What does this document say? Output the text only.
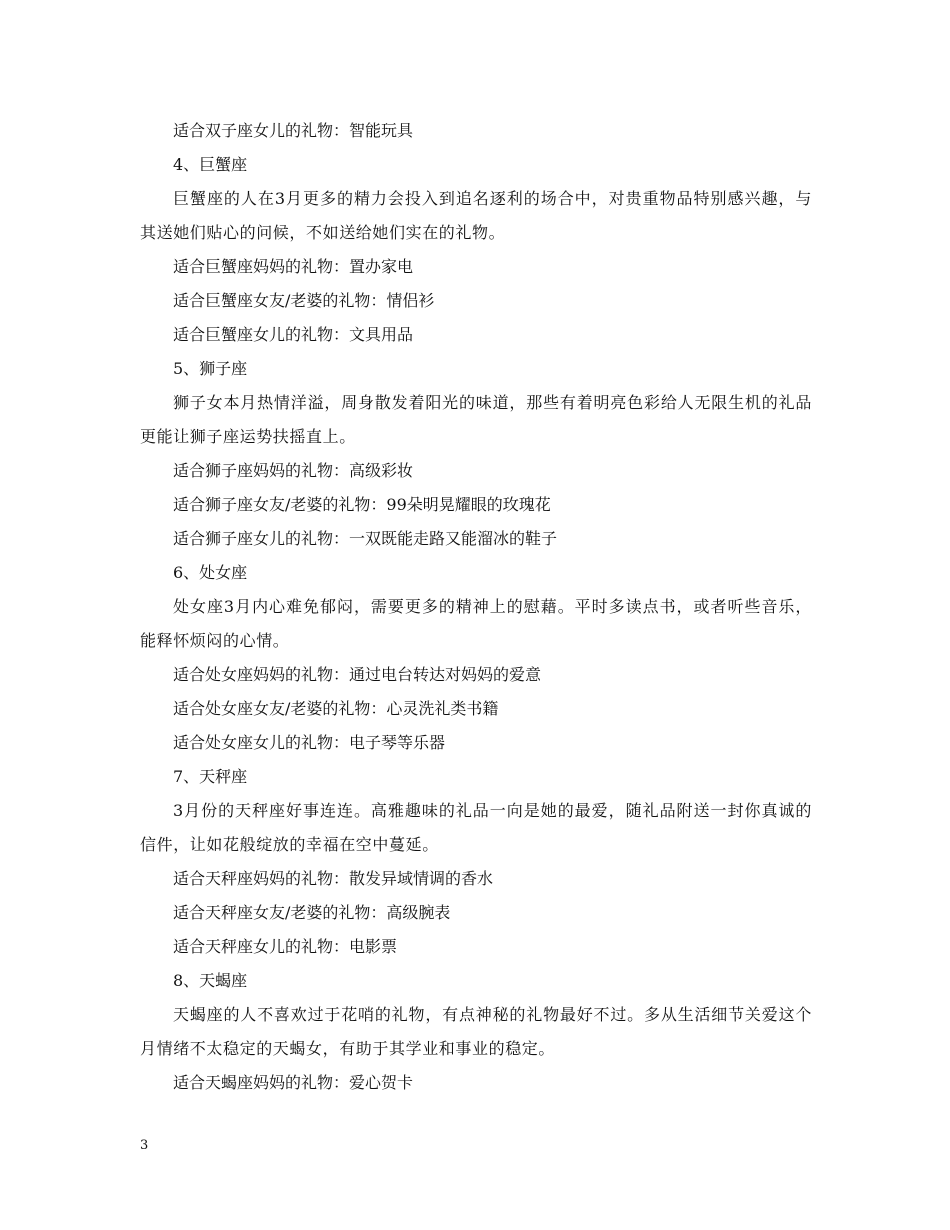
适合双子座女儿的礼物：智能玩具

4、巨蟹座

巨蟹座的人在3月更多的精力会投入到追名逐利的场合中，对贵重物品特别感兴趣，与其送她们贴心的问候，不如送给她们实在的礼物。

适合巨蟹座妈妈的礼物：置办家电

适合巨蟹座女友/老婆的礼物：情侣衫

适合巨蟹座女儿的礼物：文具用品

5、狮子座

狮子女本月热情洋溢，周身散发着阳光的味道，那些有着明亮色彩给人无限生机的礼品更能让狮子座运势扶摇直上。

适合狮子座妈妈的礼物：高级彩妆

适合狮子座女友/老婆的礼物：99朵明晃耀眼的玫瑰花

适合狮子座女儿的礼物：一双既能走路又能溜冰的鞋子

6、处女座

处女座3月内心难免郁闷，需要更多的精神上的慰藉。平时多读点书，或者听些音乐，能释怀烦闷的心情。

适合处女座妈妈的礼物：通过电台转达对妈妈的爱意

适合处女座女友/老婆的礼物：心灵洗礼类书籍

适合处女座女儿的礼物：电子琴等乐器

7、天秤座

3月份的天秤座好事连连。高雅趣味的礼品一向是她的最爱，随礼品附送一封你真诚的信件，让如花般绽放的幸福在空中蔓延。

适合天秤座妈妈的礼物：散发异域情调的香水

适合天秤座女友/老婆的礼物：高级腕表

适合天秤座女儿的礼物：电影票

8、天蝎座

天蝎座的人不喜欢过于花哨的礼物，有点神秘的礼物最好不过。多从生活细节关爱这个月情绪不太稳定的天蝎女，有助于其学业和事业的稳定。

适合天蝎座妈妈的礼物：爱心贺卡

3
